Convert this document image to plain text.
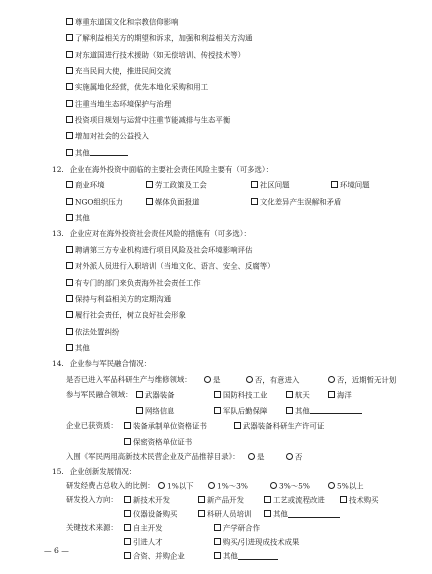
尊重东道国文化和宗教信仰影响
了解利益相关方的期望和诉求，加强和利益相关方沟通
对东道国进行技术援助（如无偿培训、传授技术等）
充当民间大使，推进民间交流
实施属地化经营，优先本地化采购和用工
注重当地生态环境保护与治理
投资项目规划与运营中注重节能减排与生态平衡
增加对社会的公益投入
其他
12. 企业在海外投资中面临的主要社会责任风险主要有（可多选）：
商业环境	劳工政策及工会	社区问题	环境问题
NGO组织压力	媒体负面报道	文化差异产生误解和矛盾
其他
13. 企业应对在海外投资社会责任风险的措施有（可多选）：
聘请第三方专业机构进行项目风险及社会环境影响评估
对外派人员进行入职培训（当地文化、语言、安全、反腐等）
有专门的部门来负责海外社会责任工作
保持与利益相关方的定期沟通
履行社会责任，树立良好社会形象
依法处置纠纷
其他
14. 企业参与军民融合情况：
是否已进入军品科研生产与维修领域：	是	否，有意进入	否，近期暂无计划
参与军民融合领域：	武器装备	国防科技工业	航天	海洋
网络信息	军队后勤保障	其他
企业已获资质：	装备承制单位资格证书	武器装备科研生产许可证
保密资格单位证书
入围《军民两用高新技术民营企业及产品推荐目录》：	是	否
— 6 —
15. 企业创新发展情况：
研发经费占总收入的比例：	1%以下	1%～3%	3%～5%	5%以上
研发投入方向：	新技术开发	新产品开发	工艺或流程改进	技术购买
仪器设备购买	科研人员培训	其他
关键技术来源：	自主开发	产学研合作
引进人才	购买/引进现成技术成果
合资、并购企业	其他
